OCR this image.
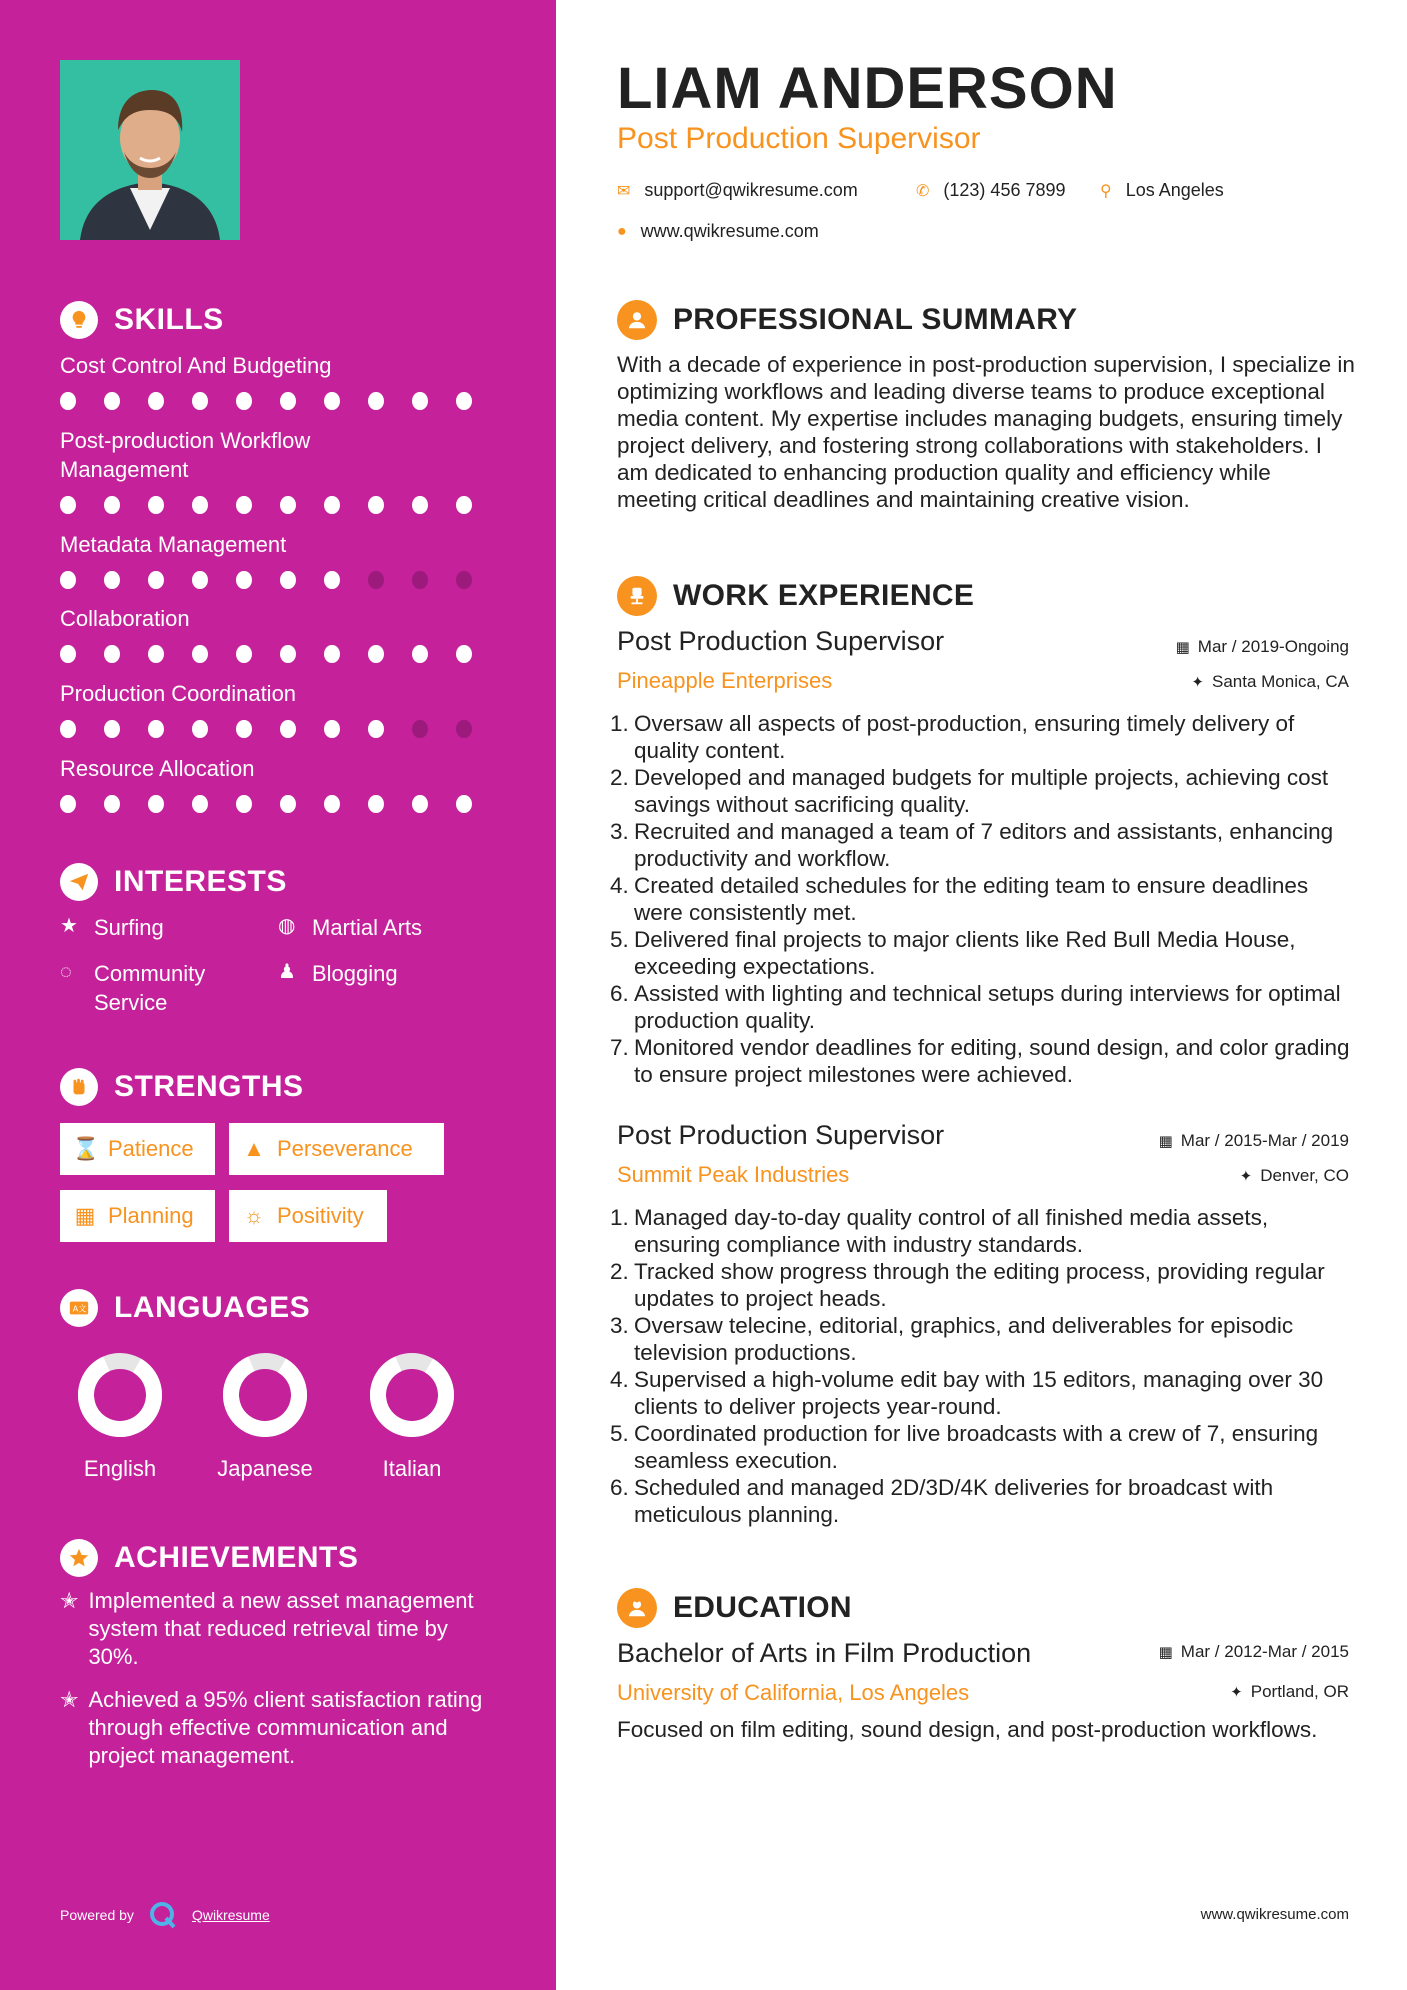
SKILLS
Cost Control And Budgeting
Post-production Workflow Management
Metadata Management
Collaboration
Production Coordination
Resource Allocation
INTERESTS
★ Surfing	◍ Martial Arts
◌	Community Service
♟ Blogging
STRENGTHS
⌛ Patience ▲ Perseverance
▦ Planning ☼ Positivity
A文 LANGUAGES
English	Japanese	Italian
ACHIEVEMENTS
✭ Implemented a new asset management system that reduced retrieval time by 30%.
✭ Achieved a 95% client satisfaction rating through effective communication and project management.
Powered by	Qwikresume
LIAM ANDERSON
Post Production Supervisor
✉ support@qwikresume.com	✆ (123) 456 7899 ⚲ Los Angeles
● www.qwikresume.com
PROFESSIONAL SUMMARY
With a decade of experience in post-production supervision, I specialize in optimizing workflows and leading diverse teams to produce exceptional media content. My expertise includes managing budgets, ensuring timely project delivery, and fostering strong collaborations with stakeholders. I am dedicated to enhancing production quality and efficiency while meeting critical deadlines and maintaining creative vision.
WORK EXPERIENCE
Post Production Supervisor
Pineapple Enterprises
▦ Mar / 2019-Ongoing
✦ Santa Monica, CA
1. Oversaw all aspects of post-production, ensuring timely delivery of quality content.
2. Developed and managed budgets for multiple projects, achieving cost savings without sacrificing quality.
3. Recruited and managed a team of 7 editors and assistants, enhancing productivity and workflow.
4. Created detailed schedules for the editing team to ensure deadlines were consistently met.
5. Delivered final projects to major clients like Red Bull Media House, exceeding expectations.
6. Assisted with lighting and technical setups during interviews for optimal production quality.
7. Monitored vendor deadlines for editing, sound design, and color grading to ensure project milestones were achieved.
Post Production Supervisor
Summit Peak Industries
▦ Mar / 2015-Mar / 2019
✦ Denver, CO
1. Managed day-to-day quality control of all finished media assets, ensuring compliance with industry standards.
2. Tracked show progress through the editing process, providing regular updates to project heads.
3. Oversaw telecine, editorial, graphics, and deliverables for episodic television productions.
4. Supervised a high-volume edit bay with 15 editors, managing over 30 clients to deliver projects year-round.
5. Coordinated production for live broadcasts with a crew of 7, ensuring seamless execution.
6. Scheduled and managed 2D/3D/4K deliveries for broadcast with meticulous planning.
EDUCATION
Bachelor of Arts in Film Production
University of California, Los Angeles
▦ Mar / 2012-Mar / 2015
✦ Portland, OR
Focused on film editing, sound design, and post-production workflows.
www.qwikresume.com
